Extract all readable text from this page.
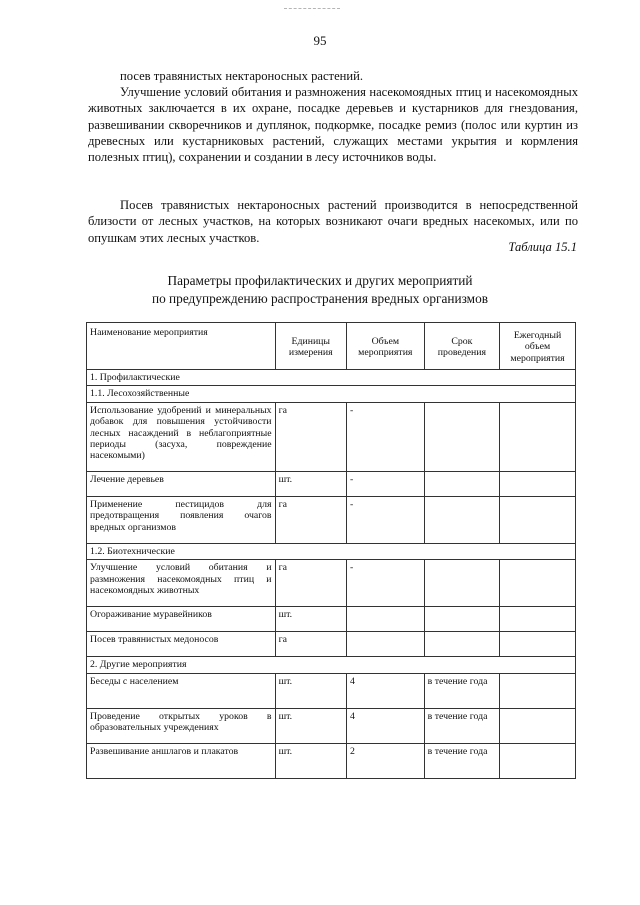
95
посев травянистых нектароносных растений.
Улучшение условий обитания и размножения насекомоядных птиц и насекомоядных животных заключается в их охране, посадке деревьев и кустарников для гнездования, развешивании скворечников и дуплянок, подкормке, посадке ремиз (полос или куртин из древесных или кустарниковых растений, служащих местами укрытия и кормления полезных птиц), сохранении и создании в лесу источников воды.
Посев травянистых нектароносных растений производится в непосредственной близости от лесных участков, на которых возникают очаги вредных насекомых, или по опушкам этих лесных участков.
Таблица 15.1
Параметры профилактических и других мероприятий
по предупреждению распространения вредных организмов
Наименование мероприятия	Единицы измерения	Объем мероприятия	Срок проведения	Ежегодный объем мероприятия
1. Профилактические				
1.1. Лесохозяйственные				
Использование удобрений и минеральных добавок для повышения устойчивости лесных насаждений в неблагоприятные периоды (засуха, повреждение насекомыми)	га	-		
Лечение деревьев	шт.	-		
Применение пестицидов для предотвращения появления очагов вредных организмов	га	-		
1.2. Биотехнические				
Улучшение условий обитания и размножения насекомоядных птиц и насекомоядных животных	га	-		
Огораживание муравейников	шт.			
Посев травянистых медоносов	га			
2. Другие мероприятия				
Беседы с населением	шт.	4	в течение года	
Проведение открытых уроков в образовательных учреждениях	шт.	4	в течение года	
Развешивание аншлагов и плакатов	шт.	2	в течение года	
